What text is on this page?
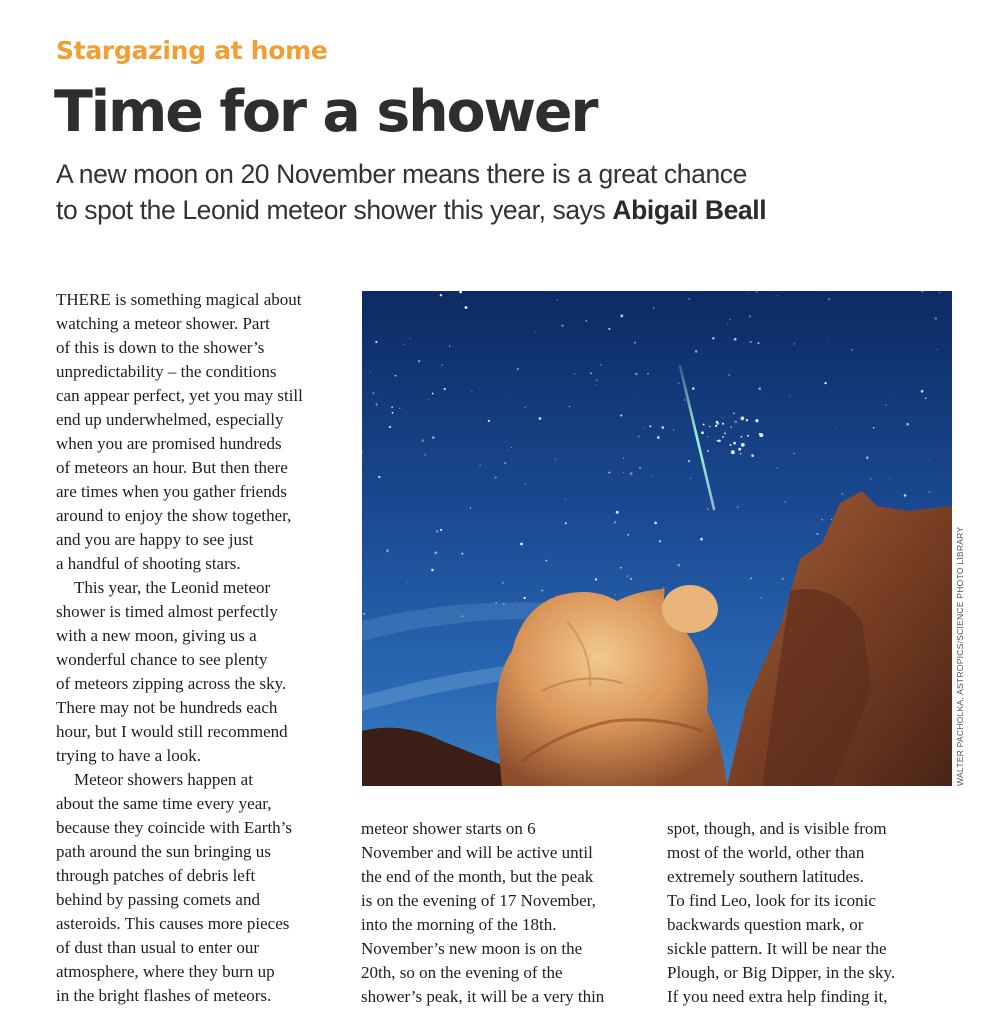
Stargazing at home
Time for a shower
A new moon on 20 November means there is a great chance
to spot the Leonid meteor shower this year, says Abigail Beall
THERE is something magical about
watching a meteor shower. Part
of this is down to the shower’s
unpredictability – the conditions
can appear perfect, yet you may still
end up underwhelmed, especially
when you are promised hundreds
of meteors an hour. But then there
are times when you gather friends
around to enjoy the show together,
and you are happy to see just
a handful of shooting stars.
This year, the Leonid meteor
shower is timed almost perfectly
with a new moon, giving us a
wonderful chance to see plenty
of meteors zipping across the sky.
There may not be hundreds each
hour, but I would still recommend
trying to have a look.
Meteor showers happen at
about the same time every year,
because they coincide with Earth’s
path around the sun bringing us
through patches of debris left
behind by passing comets and
asteroids. This causes more pieces
of dust than usual to enter our
atmosphere, where they burn up
in the bright flashes of meteors.
meteor shower starts on 6
November and will be active until
the end of the month, but the peak
is on the evening of 17 November,
into the morning of the 18th.
November’s new moon is on the
20th, so on the evening of the
shower’s peak, it will be a very thin
spot, though, and is visible from
most of the world, other than
extremely southern latitudes.
To find Leo, look for its iconic
backwards question mark, or
sickle pattern. It will be near the
Plough, or Big Dipper, in the sky.
If you need extra help finding it,
WALTER PACHOLKA, ASTROPICS/SCIENCE PHOTO LIBRARY
